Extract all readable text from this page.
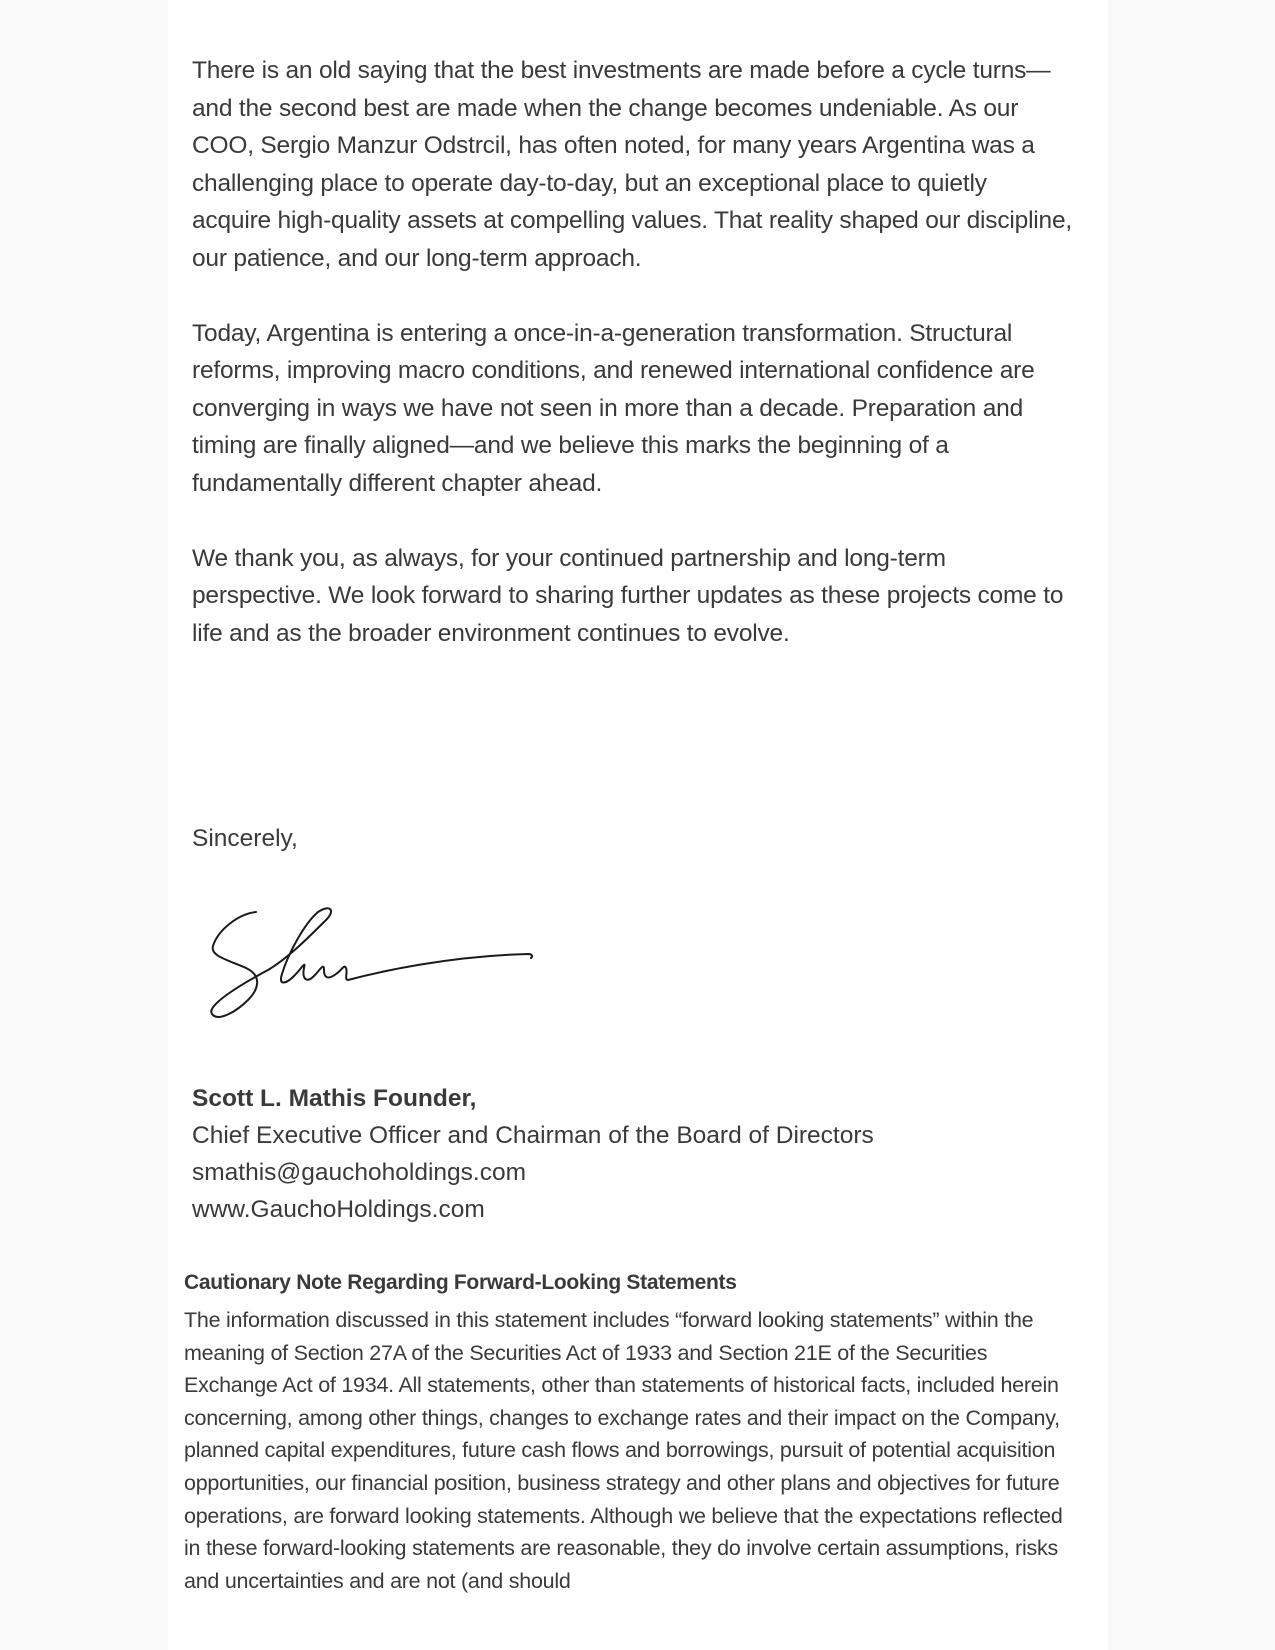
There is an old saying that the best investments are made before a cycle turns—and the second best are made when the change becomes undeniable. As our COO, Sergio Manzur Odstrcil, has often noted, for many years Argentina was a challenging place to operate day-to-day, but an exceptional place to quietly acquire high-quality assets at compelling values. That reality shaped our discipline, our patience, and our long-term approach.

Today, Argentina is entering a once-in-a-generation transformation. Structural reforms, improving macro conditions, and renewed international confidence are converging in ways we have not seen in more than a decade. Preparation and timing are finally aligned—and we believe this marks the beginning of a fundamentally different chapter ahead.

We thank you, as always, for your continued partnership and long-term perspective. We look forward to sharing further updates as these projects come to life and as the broader environment continues to evolve.

Sincerely,
Scott L. Mathis Founder,
Chief Executive Officer and Chairman of the Board of Directors
smathis@gauchoholdings.com
www.GauchoHoldings.com
Cautionary Note Regarding Forward-Looking Statements

The information discussed in this statement includes “forward looking statements” within the meaning of Section 27A of the Securities Act of 1933 and Section 21E of the Securities Exchange Act of 1934. All statements, other than statements of historical facts, included herein concerning, among other things, changes to exchange rates and their impact on the Company, planned capital expenditures, future cash flows and borrowings, pursuit of potential acquisition opportunities, our financial position, business strategy and other plans and objectives for future operations, are forward looking statements. Although we believe that the expectations reflected in these forward-looking statements are reasonable, they do involve certain assumptions, risks and uncertainties and are not (and should
